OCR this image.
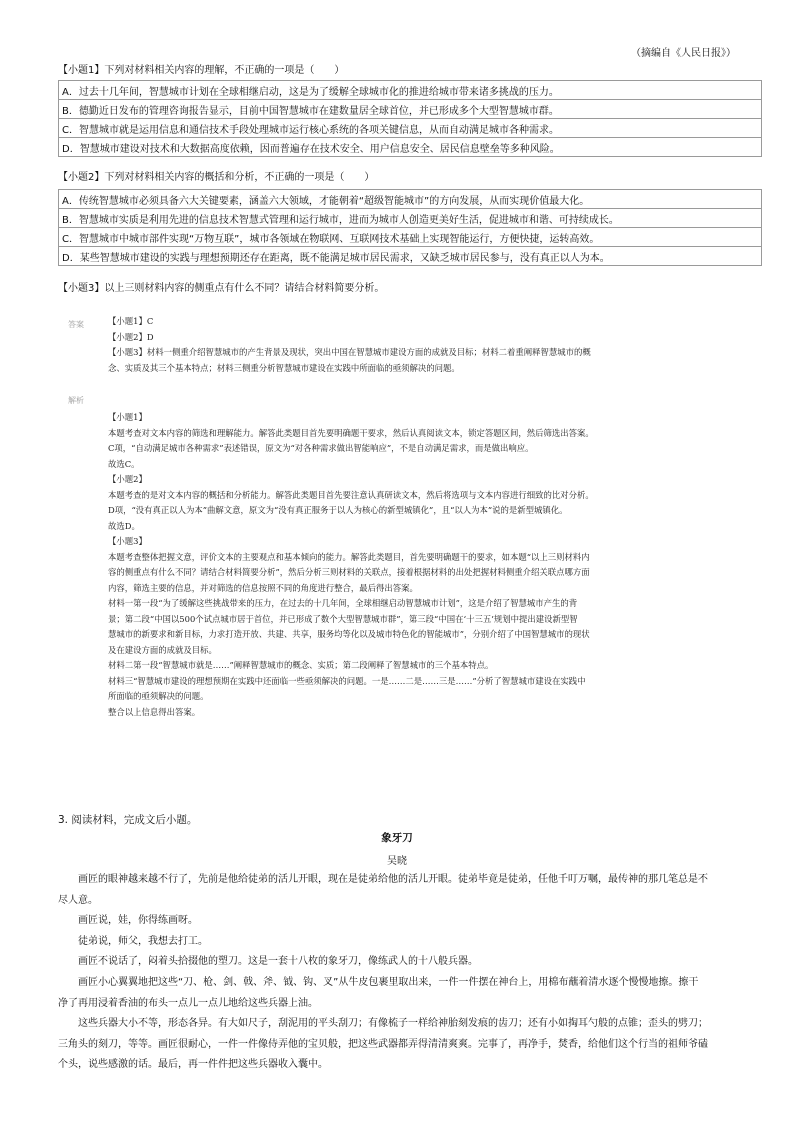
（摘编自《人民日报》）
【小题1】下列对材料相关内容的理解，不正确的一项是（　　）
A．过去十几年间，智慧城市计划在全球相继启动，这是为了缓解全球城市化的推进给城市带来诸多挑战的压力。
B．德勤近日发布的管理咨询报告显示，目前中国智慧城市在建数量居全球首位，并已形成多个大型智慧城市群。
C．智慧城市就是运用信息和通信技术手段处理城市运行核心系统的各项关键信息，从而自动满足城市各种需求。
D．智慧城市建设对技术和大数据高度依赖，因而普遍存在技术安全、用户信息安全、居民信息壁垒等多种风险。
【小题2】下列对材料相关内容的概括和分析，不正确的一项是（　　）
A．传统智慧城市必须具备六大关键要素，涵盖六大领域，才能朝着“超级智能城市”的方向发展，从而实现价值最大化。
B．智慧城市实质是利用先进的信息技术智慧式管理和运行城市，进而为城市人创造更美好生活，促进城市和谐、可持续成长。
C．智慧城市中城市部件实现“万物互联”，城市各领域在物联网、互联网技术基础上实现智能运行，方便快捷，运转高效。
D．某些智慧城市建设的实践与理想预期还存在距离，既不能满足城市居民需求，又缺乏城市居民参与，没有真正以人为本。
【小题3】以上三则材料内容的侧重点有什么不同？请结合材料简要分析。
答案	【小题1】C
【小题2】D
【小题3】材料一侧重介绍智慧城市的产生背景及现状，突出中国在智慧城市建设方面的成就及目标；材料二着重阐释智慧城市的概
念、实质及其三个基本特点；材料三侧重分析智慧城市建设在实践中所面临的亟须解决的问题。
解析
【小题1】
本题考查对文本内容的筛选和理解能力。解答此类题目首先要明确题干要求，然后认真阅读文本，锁定答题区间，然后筛选出答案。
C项，“自动满足城市各种需求”表述错误，原文为“对各种需求做出智能响应”，不是自动满足需求，而是做出响应。
故选C。
【小题2】
本题考查的是对文本内容的概括和分析能力。解答此类题目首先要注意认真研读文本，然后将选项与文本内容进行细致的比对分析。
D项，“没有真正以人为本”曲解文意，原文为“没有真正服务于以人为核心的新型城镇化”，且“以人为本”说的是新型城镇化。
故选D。
【小题3】
本题考查整体把握文意，评价文本的主要观点和基本倾向的能力。解答此类题目，首先要明确题干的要求，如本题“以上三则材料内
容的侧重点有什么不同？请结合材料简要分析”，然后分析三则材料的关联点，接着根据材料的出处把握材料侧重介绍关联点哪方面
内容，筛选主要的信息，并对筛选的信息按照不同的角度进行整合，最后得出答案。
材料一第一段“为了缓解这些挑战带来的压力，在过去的十几年间，全球相继启动智慧城市计划”，这是介绍了智慧城市产生的背
景；第二段“中国以500个试点城市居于首位，并已形成了数个大型智慧城市群”，第三段“中国在‘十三五’规划中提出建设新型智
慧城市的新要求和新目标，力求打造开放、共建、共享，服务均等化以及城市特色化的智能城市”，分别介绍了中国智慧城市的现状
及在建设方面的成就及目标。
材料二第一段“智慧城市就是……”阐释智慧城市的概念、实质；第二段阐释了智慧城市的三个基本特点。
材料三“智慧城市建设的理想预期在实践中还面临一些亟须解决的问题。一是……二是……三是……”分析了智慧城市建设在实践中
所面临的亟须解决的问题。
整合以上信息得出答案。
3. 阅读材料，完成文后小题。
象牙刀
吴晓
　　画匠的眼神越来越不行了，先前是他给徒弟的活儿开眼，现在是徒弟给他的活儿开眼。徒弟毕竟是徒弟，任他千叮万嘱，最传神的那几笔总是不
尽人意。
　　画匠说，娃，你得练画呀。
　　徒弟说，师父，我想去打工。
　　画匠不说话了，闷着头拾掇他的塑刀。这是一套十八枚的象牙刀，像练武人的十八般兵器。
　　画匠小心翼翼地把这些“刀、枪、剑、戟、斧、钺、钩、叉”从牛皮包裹里取出来，一件一件摆在神台上，用棉布蘸着清水逐个慢慢地擦。擦干
净了再用浸着香油的布头一点儿一点儿地给这些兵器上油。
　　这些兵器大小不等，形态各异。有大如尺子，刮泥用的平头刮刀；有像梳子一样给神胎刻发痕的齿刀；还有小如掏耳勺般的点锥；歪头的劈刀；
三角头的刻刀，等等。画匠很耐心，一件一件像侍弄他的宝贝般，把这些武器都弄得清清爽爽。完事了，再净手，焚香，给他们这个行当的祖师爷磕
个头，说些感激的话。最后，再一件件把这些兵器收入囊中。
